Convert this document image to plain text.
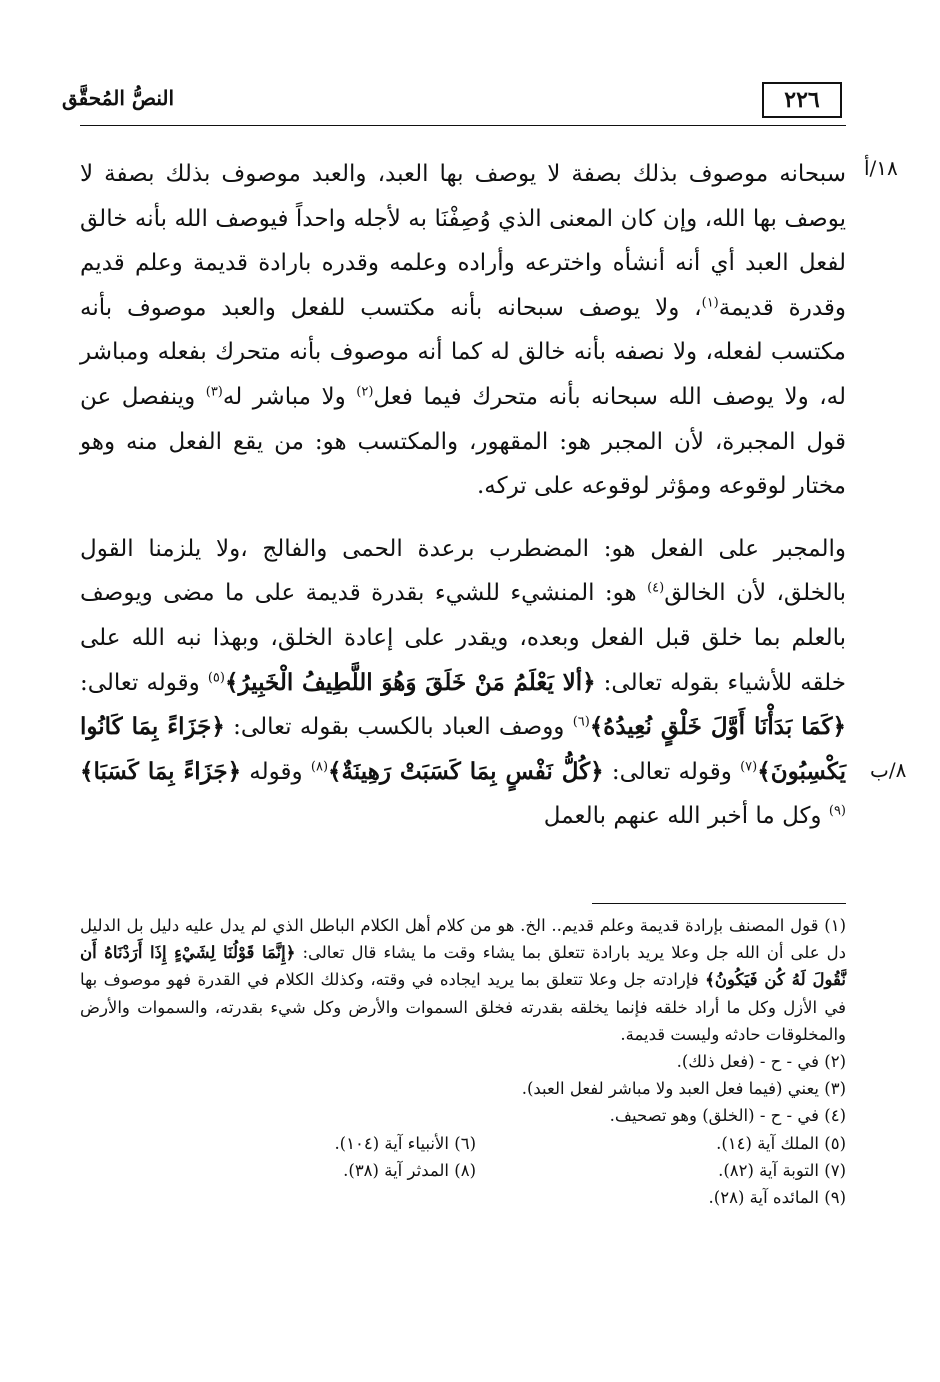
٢٢٦
النصُّ المُحقَّق
١٨/أ
٨/ب

سبحانه موصوف بذلك بصفة لا يوصف بها العبد، والعبد موصوف بذلك بصفة لا يوصف بها الله، وإن كان المعنى الذي وُصِفْنَا به لأجله واحداً فيوصف الله بأنه خالق لفعل العبد أي أنه أنشأه واخترعه وأراده وعلمه وقدره بارادة قديمة وعلم قديم وقدرة قديمة$^{(١)}$، ولا يوصف سبحانه بأنه مكتسب للفعل والعبد موصوف بأنه مكتسب لفعله، ولا نصفه بأنه خالق له كما أنه موصوف بأنه متحرك بفعله ومباشر له، ولا يوصف الله سبحانه بأنه متحرك فيما فعل$^{(٢)}$ ولا مباشر له$^{(٣)}$ وينفصل عن قول المجبرة، لأن المجبر هو: المقهور، والمكتسب هو: من يقع الفعل منه وهو مختار لوقوعه ومؤثر لوقوعه على تركه.

والمجبر على الفعل هو: المضطرب برعدة الحمى والفالج ،ولا يلزمنا القول بالخلق، لأن الخالق$^{(٤)}$ هو: المنشيء للشيء بقدرة قديمة على ما مضى ويوصف بالعلم بما خلق قبل الفعل وبعده، ويقدر على إعادة الخلق، وبهذا نبه الله على خلقه للأشياء بقوله تعالى: ﴿ألا يَعْلَمُ مَنْ خَلَقَ وَهُوَ اللَّطِيفُ الْخَبِيرُ﴾$^{(٥)}$ وقوله تعالى: ﴿كَمَا بَدَأْنَا أَوَّلَ خَلْقٍ نُعِيدُهُ﴾$^{(٦)}$ ووصف العباد بالكسب بقوله تعالى: ﴿جَزَاءً بِمَا كَانُوا يَكْسِبُونَ﴾$^{(٧)}$ وقوله تعالى: ﴿كُلُّ نَفْسٍ بِمَا كَسَبَتْ رَهِينَةٌ﴾$^{(٨)}$ وقوله ﴿جَزَاءً بِمَا كَسَبَا﴾$^{(٩)}$ وكل ما أخبر الله عنهم بالعمل

(١) قول المصنف بإرادة قديمة وعلم قديم.. الخ. هو من كلام أهل الكلام الباطل الذي لم يدل عليه دليل بل الدليل دل على أن الله جل وعلا يريد بارادة تتعلق بما يشاء وقت ما يشاء قال تعالى: ﴿إِنَّمَا قَوْلُنَا لِشَيْءٍ إِذَا أَرَدْنَاهُ أَن نَّقُولَ لَهُ كُن فَيَكُونُ﴾ فإرادته جل وعلا تتعلق بما يريد ايجاده في وقته، وكذلك الكلام في القدرة فهو موصوف بها في الأزل وكل ما أراد خلقه فإنما يخلقه بقدرته فخلق السموات والأرض وكل شيء بقدرته، والسموات والأرض والمخلوقات حادثه وليست قديمة.
(٢) في - ح - (فعل ذلك).
(٣) يعني (فيما فعل العبد ولا مباشر لفعل العبد).
(٤) في - ح - (الخلق) وهو تصحيف.
(٥) الملك آية (١٤).
(٦) الأنبياء آية (١٠٤).
(٧) التوبة آية (٨٢).
(٨) المدثر آية (٣٨).
(٩) المائده آية (٢٨).
